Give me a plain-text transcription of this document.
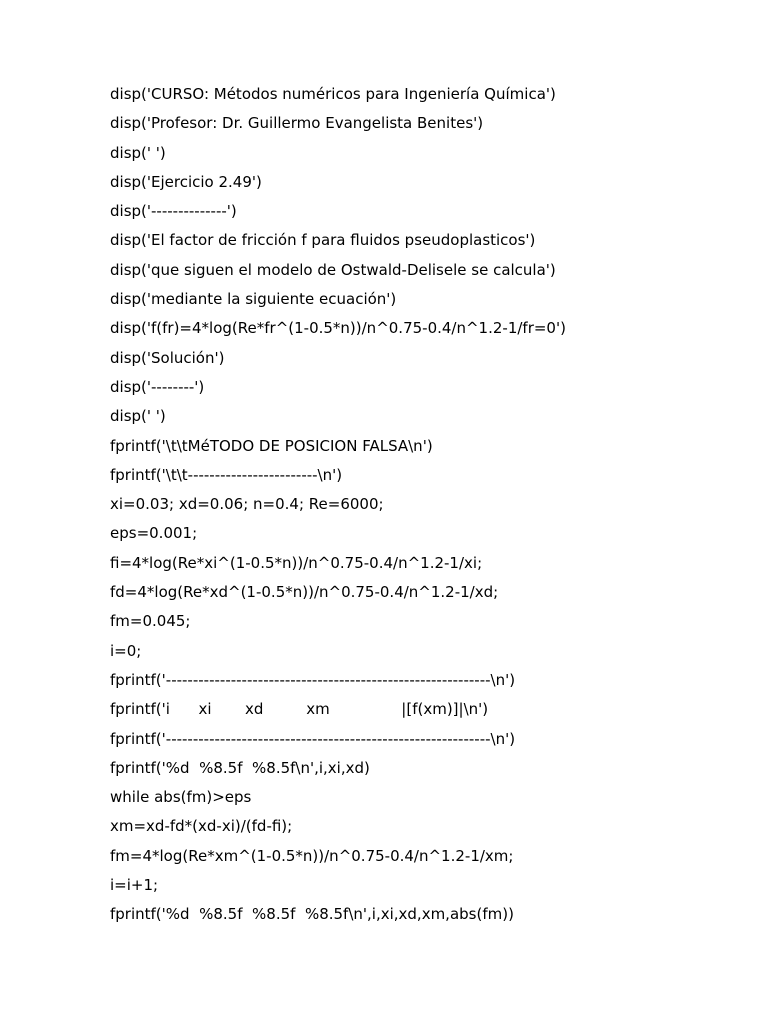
disp('CURSO: Métodos numéricos para Ingeniería Química')
disp('Profesor: Dr. Guillermo Evangelista Benites')
disp(' ')
disp('Ejercicio 2.49')
disp('--------------')
disp('El factor de fricción f para fluidos pseudoplasticos')
disp('que siguen el modelo de Ostwald-Delisele se calcula')
disp('mediante la siguiente ecuación')
disp('f(fr)=4*log(Re*fr^(1-0.5*n))/n^0.75-0.4/n^1.2-1/fr=0')
disp('Solución')
disp('--------')
disp(' ')
fprintf('\t\tMéTODO DE POSICION FALSA\n')
fprintf('\t\t------------------------\n')
xi=0.03; xd=0.06; n=0.4; Re=6000;
eps=0.001;
fi=4*log(Re*xi^(1-0.5*n))/n^0.75-0.4/n^1.2-1/xi;
fd=4*log(Re*xd^(1-0.5*n))/n^0.75-0.4/n^1.2-1/xd;
fm=0.045;
i=0;
fprintf('------------------------------------------------------------\n')
fprintf('i      xi       xd         xm               |[f(xm)]|\n')
fprintf('------------------------------------------------------------\n')
fprintf('%d  %8.5f  %8.5f\n',i,xi,xd)
while abs(fm)>eps
xm=xd-fd*(xd-xi)/(fd-fi);
fm=4*log(Re*xm^(1-0.5*n))/n^0.75-0.4/n^1.2-1/xm;
i=i+1;
fprintf('%d  %8.5f  %8.5f  %8.5f\n',i,xi,xd,xm,abs(fm))
